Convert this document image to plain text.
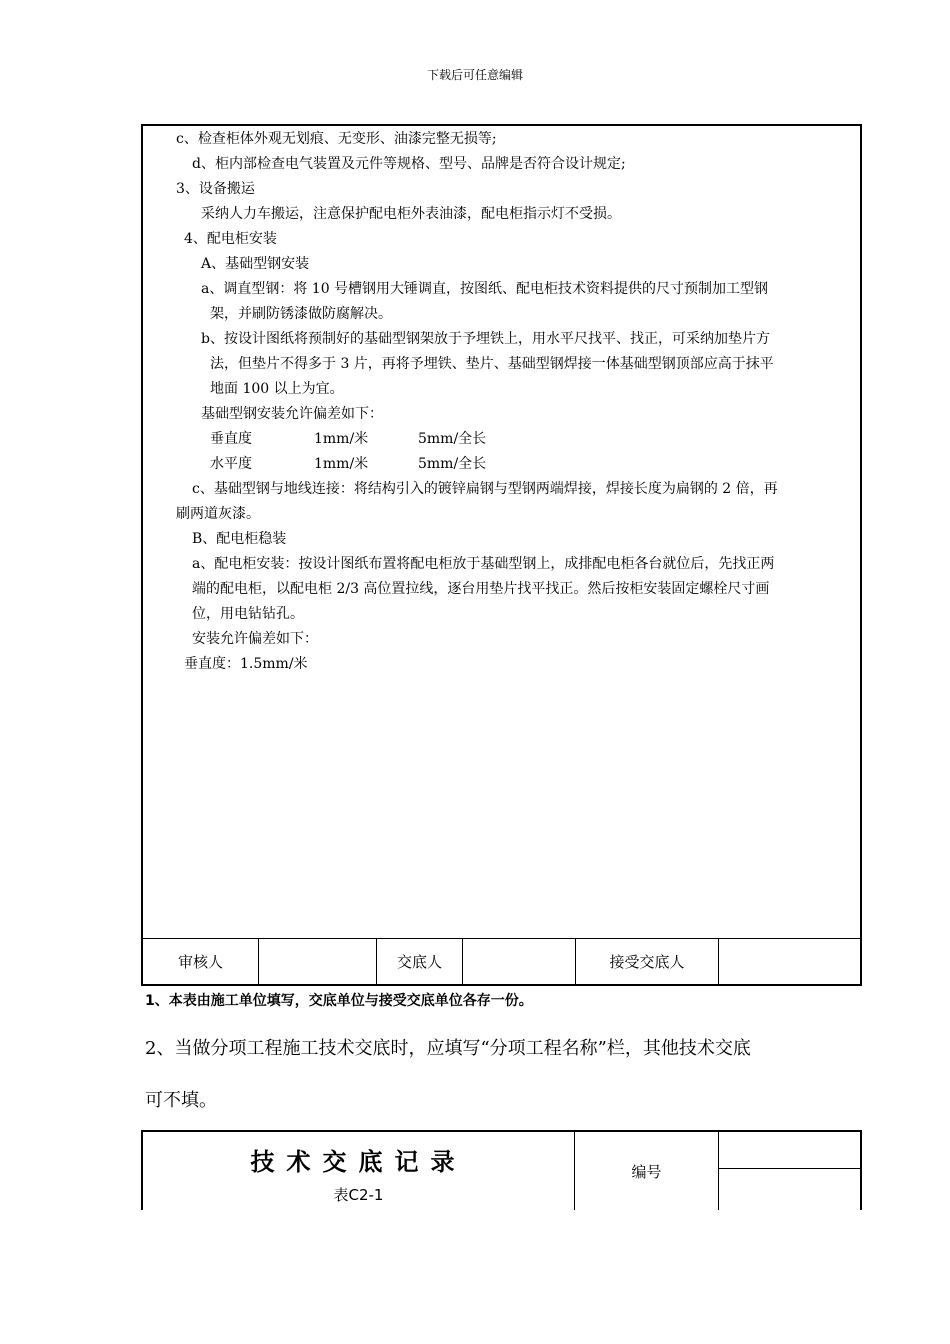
下载后可任意编辑
c、检查柜体外观无划痕、无变形、油漆完整无损等;
d、柜内部检查电气装置及元件等规格、型号、品牌是否符合设计规定;
3、设备搬运
采纳人力车搬运，注意保护配电柜外表油漆，配电柜指示灯不受损。
4、配电柜安装
A、基础型钢安装
a、调直型钢：将 10 号槽钢用大锤调直，按图纸、配电柜技术资料提供的尺寸预制加工型钢
架，并刷防锈漆做防腐解决。
b、按设计图纸将预制好的基础型钢架放于予埋铁上，用水平尺找平、找正，可采纳加垫片方
法，但垫片不得多于 3 片，再将予埋铁、垫片、基础型钢焊接一体基础型钢顶部应高于抹平
地面 100 以上为宜。
基础型钢安装允许偏差如下：
c、基础型钢与地线连接：将结构引入的镀锌扁钢与型钢两端焊接，焊接长度为扁钢的 2 倍，再
刷两道灰漆。
B、配电柜稳装
a、配电柜安装：按设计图纸布置将配电柜放于基础型钢上，成排配电柜各台就位后，先找正两
端的配电柜，以配电柜 2/3 高位置拉线，逐台用垫片找平找正。然后按柜安装固定螺栓尺寸画
位，用电钻钻孔。
安装允许偏差如下：
垂直度：1.5mm/米
垂直度	1mm/米	5mm/全长
水平度	1mm/米	5mm/全长
审核人	交底人	接受交底人
1、本表由施工单位填写，交底单位与接受交底单位各存一份。
2、当做分项工程施工技术交底时，应填写“分项工程名称”栏，其他技术交底
可不填。
技术交底记录
表C2-1
编号
